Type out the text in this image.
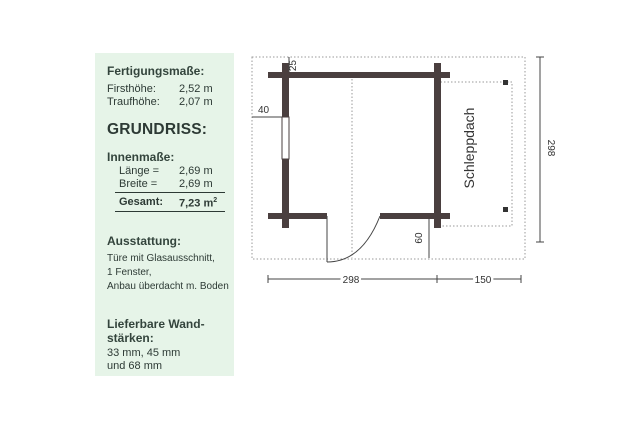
Fertigungsmaße:
Firsthöhe: 2,52 m
Traufhöhe: 2,07 m
GRUNDRISS:
Innenmaße:
Länge = 2,69 m
Breite = 2,69 m
Gesamt: 7,23 $m^2$
Ausstattung:
Türe mit Glasausschnitt,
1 Fenster,
Anbau überdacht m. Boden
Lieferbare Wand-
stärken:
33 mm, 45 mm
und 68 mm
25
40
298
60
298	150
Schleppdach
